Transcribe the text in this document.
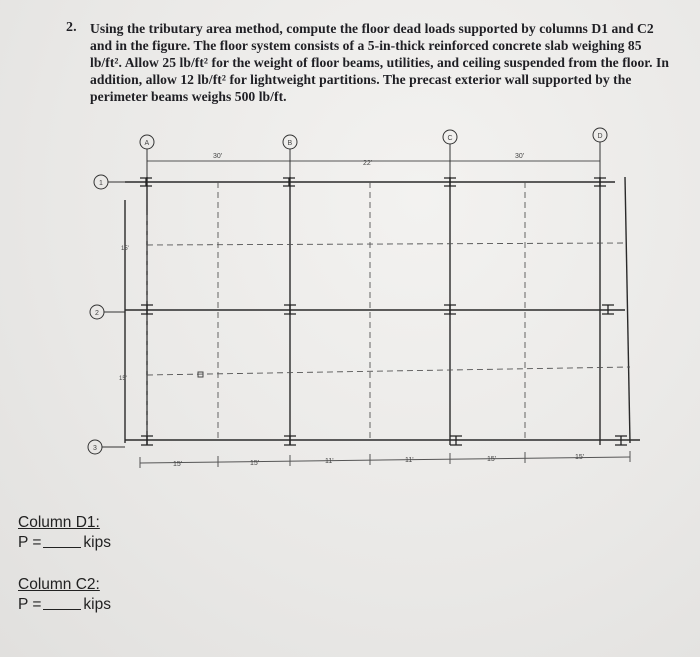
2. Using the tributary area method, compute the floor dead loads supported by columns D1 and C2 and in the figure. The floor system consists of a 5-in-thick reinforced concrete slab weighing 85 lb/ft². Allow 25 lb/ft² for the weight of floor beams, utilities, and ceiling suspended from the floor. In addition, allow 12 lb/ft² for lightweight partitions. The precast exterior wall supported by the perimeter beams weighs 500 lb/ft.
30'
22'
30'
A	B
C	D
1
2
3
15'
15'
15'	15'	11'	11'	15'	15'
Column D1:
P =	kips
Column C2:
P =	kips
